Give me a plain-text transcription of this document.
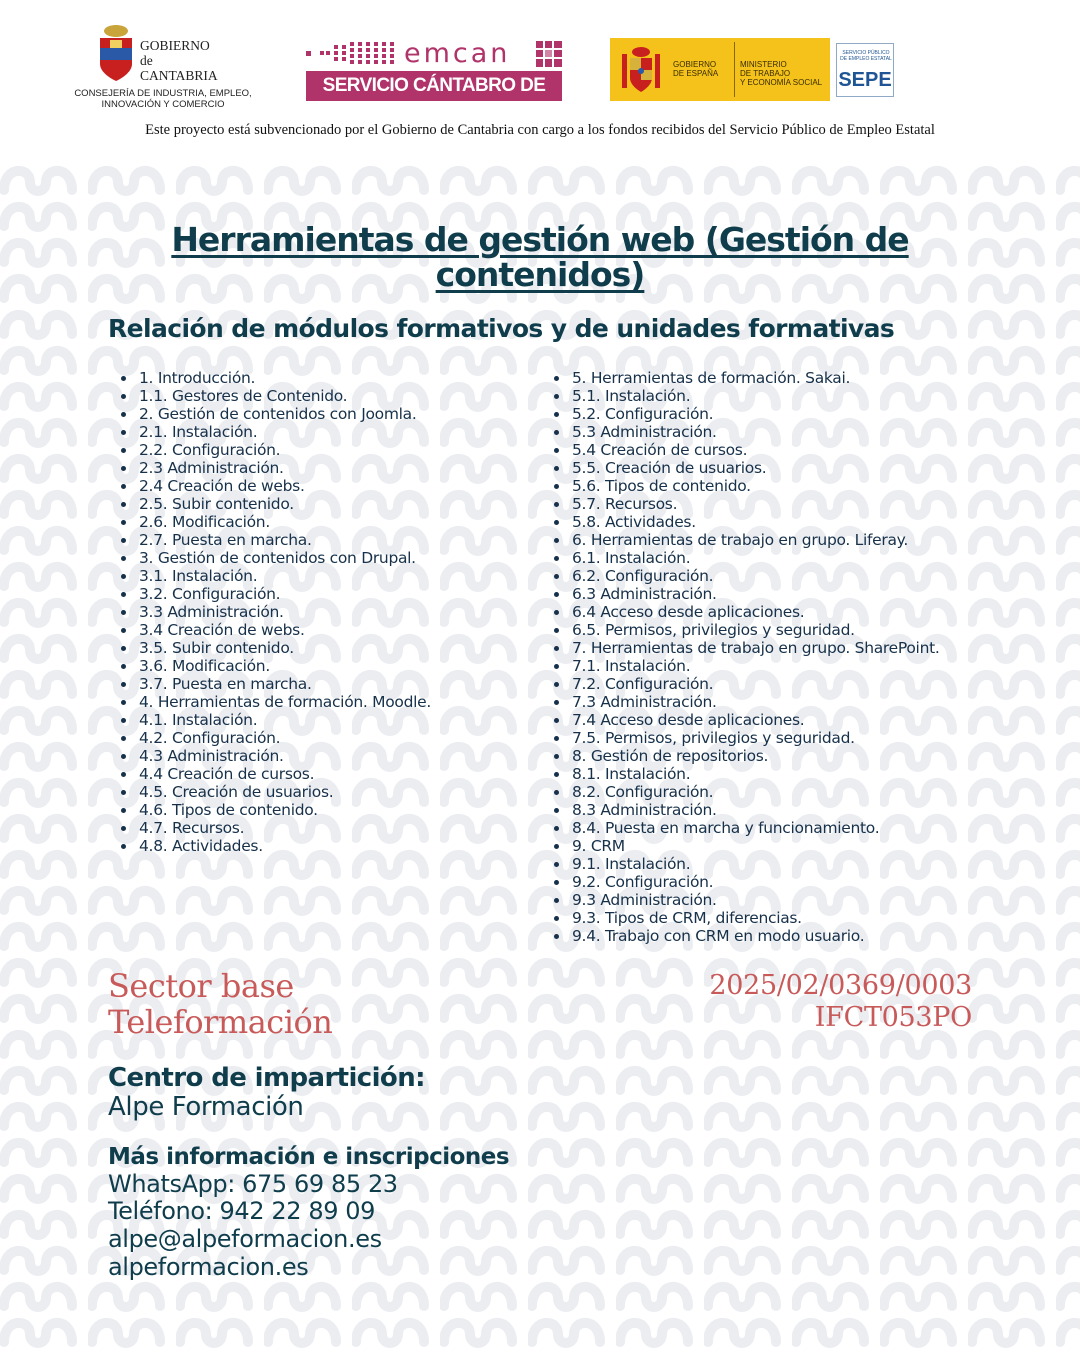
GOBIERNO
de
CANTABRIA
CONSEJERÍA DE INDUSTRIA, EMPLEO,
INNOVACIÓN Y COMERCIO
emcan
SERVICIO CÁNTABRO DE EMPLEO
GOBIERNO
DE ESPAÑA
MINISTERIO
DE TRABAJO
Y ECONOMÍA SOCIAL
SERVICIO PÚBLICO
DE EMPLEO ESTATAL
SEPE
Este proyecto está subvencionado por el Gobierno de Cantabria con cargo a los fondos recibidos del Servicio Público de Empleo Estatal
Herramientas de gestión web (Gestión de contenidos)
Relación de módulos formativos y de unidades formativas
1. Introducción.
1.1. Gestores de Contenido.
2. Gestión de contenidos con Joomla.
2.1. Instalación.
2.2. Configuración.
2.3 Administración.
2.4 Creación de webs.
2.5. Subir contenido.
2.6. Modificación.
2.7. Puesta en marcha.
3. Gestión de contenidos con Drupal.
3.1. Instalación.
3.2. Configuración.
3.3 Administración.
3.4 Creación de webs.
3.5. Subir contenido.
3.6. Modificación.
3.7. Puesta en marcha.
4. Herramientas de formación. Moodle.
4.1. Instalación.
4.2. Configuración.
4.3 Administración.
4.4 Creación de cursos.
4.5. Creación de usuarios.
4.6. Tipos de contenido.
4.7. Recursos.
4.8. Actividades.
5. Herramientas de formación. Sakai.
5.1. Instalación.
5.2. Configuración.
5.3 Administración.
5.4 Creación de cursos.
5.5. Creación de usuarios.
5.6. Tipos de contenido.
5.7. Recursos.
5.8. Actividades.
6. Herramientas de trabajo en grupo. Liferay.
6.1. Instalación.
6.2. Configuración.
6.3 Administración.
6.4 Acceso desde aplicaciones.
6.5. Permisos, privilegios y seguridad.
7. Herramientas de trabajo en grupo. SharePoint.
7.1. Instalación.
7.2. Configuración.
7.3 Administración.
7.4 Acceso desde aplicaciones.
7.5. Permisos, privilegios y seguridad.
8. Gestión de repositorios.
8.1. Instalación.
8.2. Configuración.
8.3 Administración.
8.4. Puesta en marcha y funcionamiento.
9. CRM
9.1. Instalación.
9.2. Configuración.
9.3 Administración.
9.3. Tipos de CRM, diferencias.
9.4. Trabajo con CRM en modo usuario.
Sector base
Teleformación
2025/02/0369/0003
IFCT053PO
Centro de impartición:
Alpe Formación
Más información e inscripciones
WhatsApp: 675 69 85 23
Teléfono: 942 22 89 09
alpe@alpeformacion.es
alpeformacion.es
